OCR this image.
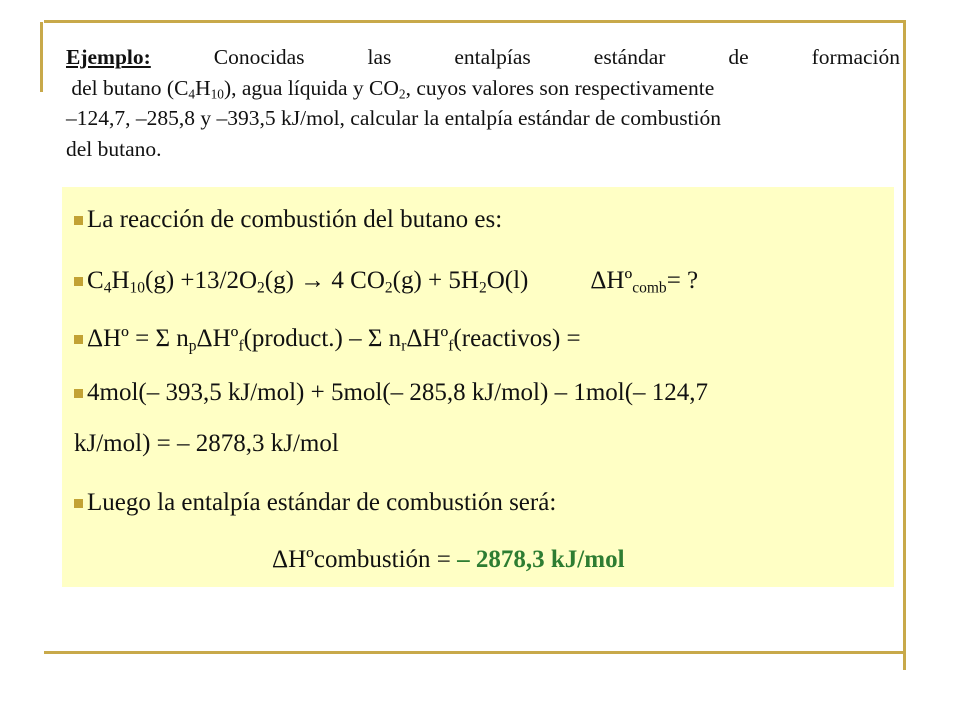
Ejemplo:	Conocidas las entalpías estándar de formación
del butano $(C_4H_{10})$, agua líquida y $CO_2$, cuyos valores son respectivamente
–124,7, –285,8 y –393,5 kJ/mol, calcular la entalpía estándar de combustión
del butano.
La reacción de combustión del butano es:
$C_4H_{10}(g) +13/2O_2(g) \to 4$ $CO_2(g) + 5H_2O(l)$ ΔHº$_{comb}$= ?
ΔHº = Σ $n_p\Delta Hº_f(product.)$ – Σ $n_r\Delta Hº_f(reactivos)$ =
4mol(– 393,5 kJ/mol) + 5mol(– 285,8 kJ/mol) – 1mol(– 124,7
kJ/mol) = – 2878,3 kJ/mol
Luego la entalpía estándar de combustión será:
ΔHºcombustión = – 2878,3 kJ/mol
